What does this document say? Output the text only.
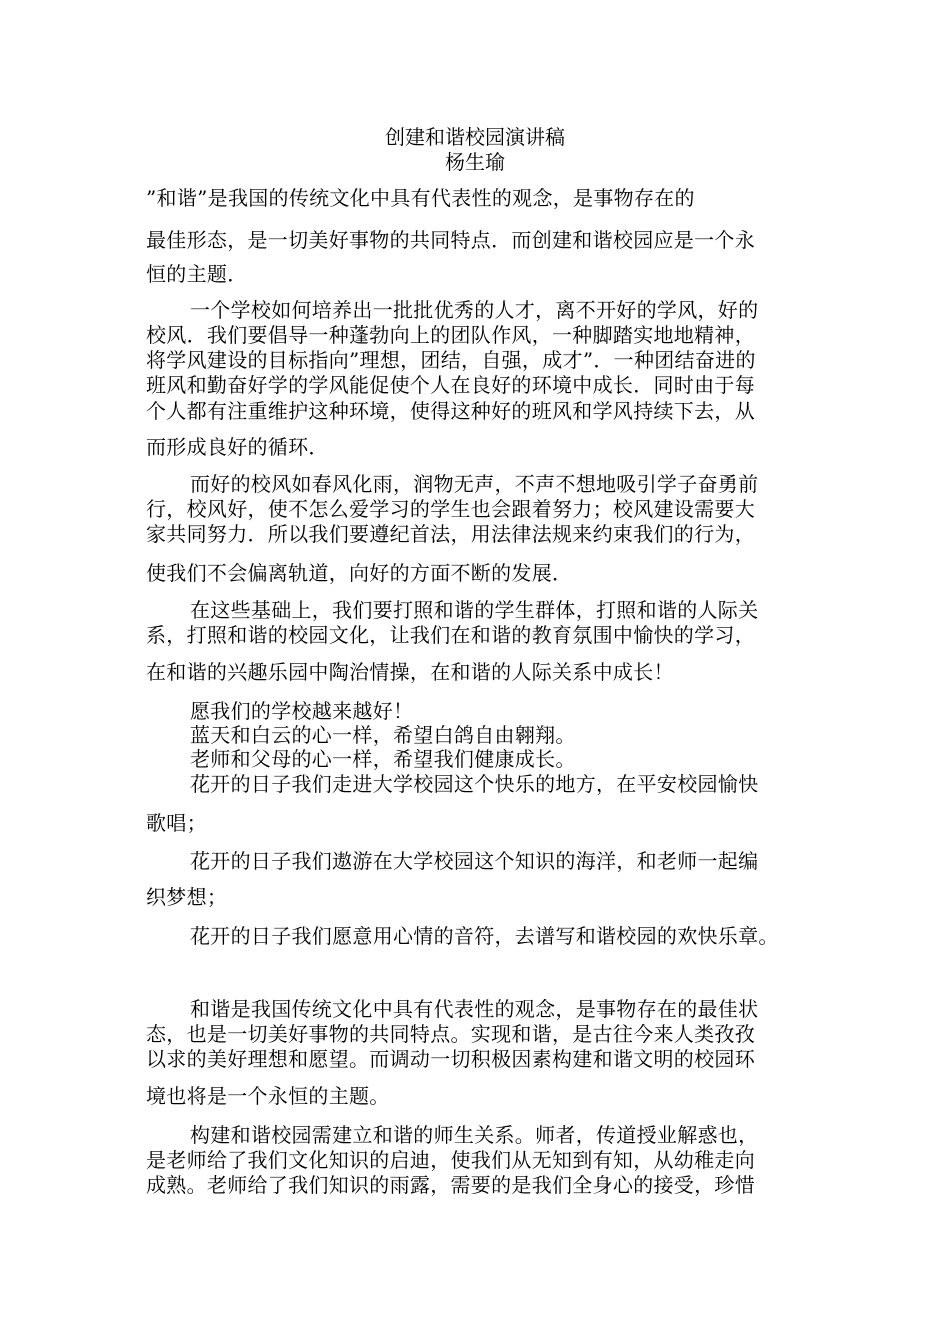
创建和谐校园演讲稿
杨生瑜
”和谐”是我国的传统文化中具有代表性的观念，是事物存在的
最佳形态，是一切美好事物的共同特点．而创建和谐校园应是一个永
恒的主题．
一个学校如何培养出一批批优秀的人才，离不开好的学风，好的
校风．我们要倡导一种蓬勃向上的团队作风，一种脚踏实地地精神，
将学风建设的目标指向”理想，团结，自强，成才”．一种团结奋进的
班风和勤奋好学的学风能促使个人在良好的环境中成长．同时由于每
个人都有注重维护这种环境，使得这种好的班风和学风持续下去，从
而形成良好的循环．
而好的校风如春风化雨，润物无声，不声不想地吸引学子奋勇前
行，校风好，使不怎么爱学习的学生也会跟着努力；校风建设需要大
家共同努力．所以我们要遵纪首法，用法律法规来约束我们的行为，
使我们不会偏离轨道，向好的方面不断的发展．
在这些基础上，我们要打照和谐的学生群体，打照和谐的人际关
系，打照和谐的校园文化，让我们在和谐的教育氛围中愉快的学习，
在和谐的兴趣乐园中陶治情操，在和谐的人际关系中成长！
愿我们的学校越来越好！
蓝天和白云的心一样，希望白鸽自由翱翔。
老师和父母的心一样，希望我们健康成长。
花开的日子我们走进大学校园这个快乐的地方，在平安校园愉快
歌唱；
花开的日子我们遨游在大学校园这个知识的海洋，和老师一起编
织梦想；
花开的日子我们愿意用心情的音符，去谱写和谐校园的欢快乐章。
和谐是我国传统文化中具有代表性的观念，是事物存在的最佳状
态，也是一切美好事物的共同特点。实现和谐，是古往今来人类孜孜
以求的美好理想和愿望。而调动一切积极因素构建和谐文明的校园环
境也将是一个永恒的主题。
构建和谐校园需建立和谐的师生关系。师者，传道授业解惑也，
是老师给了我们文化知识的启迪，使我们从无知到有知，从幼稚走向
成熟。老师给了我们知识的雨露，需要的是我们全身心的接受，珍惜
